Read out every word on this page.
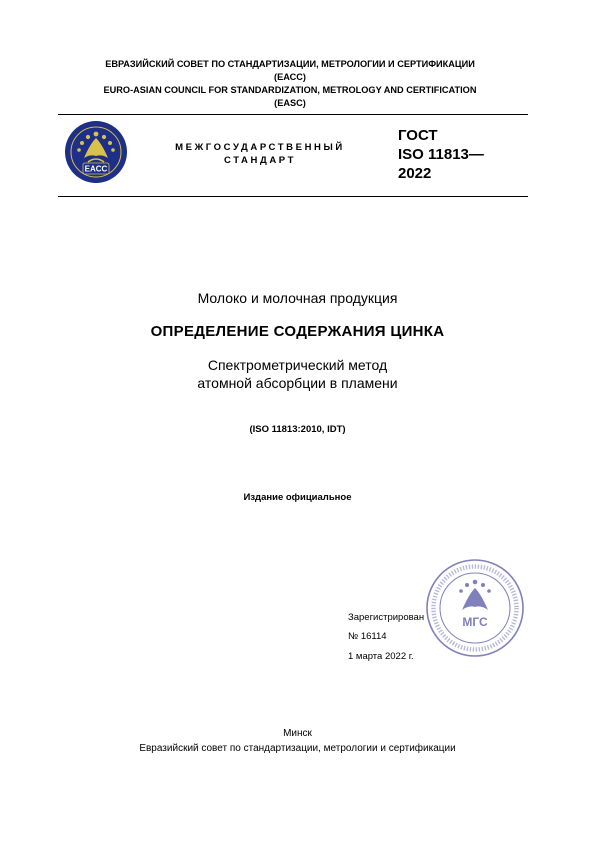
ЕВРАЗИЙСКИЙ СОВЕТ ПО СТАНДАРТИЗАЦИИ, МЕТРОЛОГИИ И СЕРТИФИКАЦИИ
(ЕАСС)
EURO-ASIAN COUNCIL FOR STANDARDIZATION, METROLOGY AND CERTIFICATION
(EASC)
EACC
МЕЖГОСУДАРСТВЕННЫЙ
СТАНДАРТ
ГОСТ
ISO 11813—
2022
Молоко и молочная продукция
ОПРЕДЕЛЕНИЕ СОДЕРЖАНИЯ ЦИНКА
Спектрометрический метод
атомной абсорбции в пламени
(ISO 11813:2010, IDT)
Издание официальное
Зарегистрирован
№ 16114
1 марта 2022 г.
МГС
Минск
Евразийский совет по стандартизации, метрологии и сертификации
